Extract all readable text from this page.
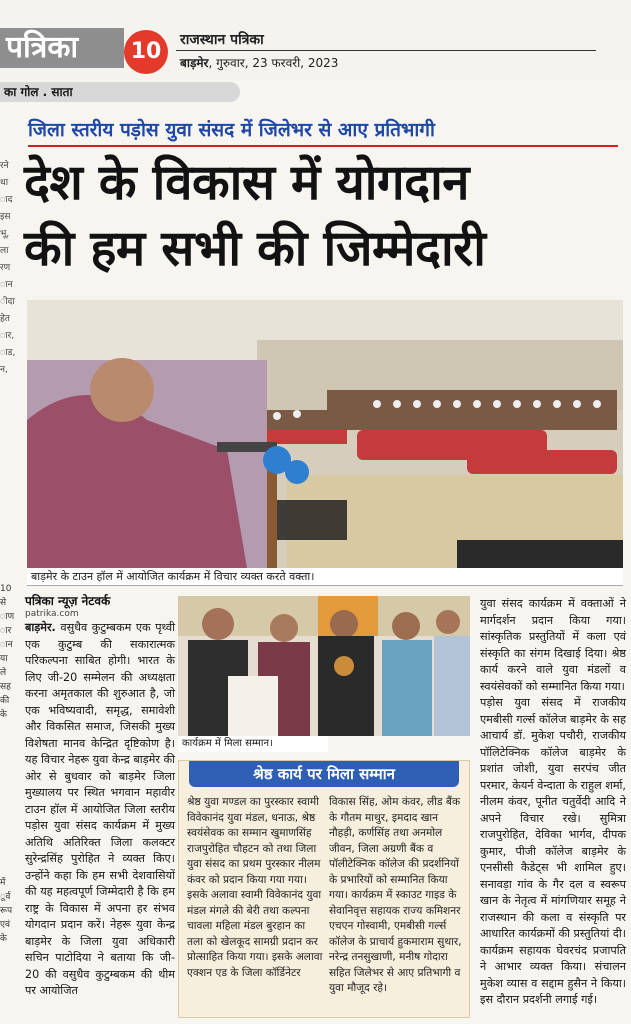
पत्रिका	10	राजस्थान पत्रिका
बाड़मेर, गुरुवार, 23 फरवरी, 2023
का गोल . साता
रने
था
ाद
इस
भू,
ला
रण
ान
ीदा
हेत
ार,
ाड,
न,
जिला स्तरीय पड़ोस युवा संसद में जिलेभर से आए प्रतिभागी
देश के विकास में योगदान
की हम सभी की जिम्मेदारी
बाड़मेर के टाउन हॉल में आयोजित कार्यक्रम में विचार व्यक्त करते वक्ता।
10
से
ाण
ार
ान
या
ले
सह
की
के

में
ूर्व
रूप
एवं
के
पत्रिका न्यूज़ नेटवर्क
patrika.com
बाड़मेर. वसुधैव कुटुम्बकम एक पृथ्वी एक कुटुम्ब की सकारात्मक परिकल्पना साबित होगी। भारत के लिए जी-20 सम्मेलन की अध्यक्षता करना अमृतकाल की शुरुआत है, जो एक भविष्यवादी, समृद्ध, समावेशी और विकसित समाज, जिसकी मुख्य विशेषता मानव केन्द्रित दृष्टिकोण है। यह विचार नेहरू युवा केन्द्र बाड़मेर की ओर से बुधवार को बाड़मेर जिला मुख्यालय पर स्थित भगवान महावीर टाउन हॉल में आयोजित जिला स्तरीय पड़ोस युवा संसद कार्यक्रम में मुख्य अतिथि अतिरिक्त जिला कलक्टर सुरेन्द्रसिंह पुरोहित ने व्यक्त किए। उन्होंने कहा कि हम सभी देशवासियों की यह महत्वपूर्ण जिम्मेदारी है कि हम राष्ट्र के विकास में अपना हर संभव योगदान प्रदान करें। नेहरू युवा केन्द्र बाड़मेर के जिला युवा अधिकारी सचिन पाटोदिया ने बताया कि जी- 20 की वसुधैव कुटुम्बकम की थीम पर आयोजित
कार्यक्रम में मिला सम्मान।
श्रेष्ठ कार्य पर मिला सम्मान
श्रेष्ठ युवा मण्डल का पुरस्कार स्वामी विवेकानंद युवा मंडल, धनाऊ, श्रेष्ठ स्वयंसेवक का सम्मान खुमाणसिंह राजपुरोहित चौहटन को तथा जिला युवा संसद का प्रथम पुरस्कार नीलम कंवर को प्रदान किया गया गया। इसके अलावा स्वामी विवेकानंद युवा मंडल मंगले की बेरी तथा कल्पना चावला महिला मंडल बुरहान का तला को खेलकूद सामग्री प्रदान कर प्रोत्साहित किया गया। इसके अलावा एक्शन एड के जिला कॉर्डिनेटर
विकास सिंह, ओम कंवर, लीड बैंक के गौतम माथुर, इमदाद खान नौहड़ी, कर्णसिंह तथा अनमोल जीवन, जिला अग्रणी बैंक व पॉलीटेक्निक कॉलेज की प्रदर्शनियों के प्रभारियों को सम्मानित किया गया। कार्यक्रम में स्काउट गाइड के सेवानिवृत्त सहायक राज्य कमिशनर एचएन गोस्वामी, एमबीसी गर्ल्स कॉलेज के प्राचार्य हुकमाराम सुथार, नरेन्द्र तनसुखाणी, मनीष गोदारा सहित जिलेभर से आए प्रतिभागी व युवा मौजूद रहे।
युवा संसद कार्यक्रम में वक्ताओं ने मार्गदर्शन प्रदान किया गया। सांस्कृतिक प्रस्तुतियों में कला एवं संस्कृति का संगम दिखाई दिया। श्रेष्ठ कार्य करने वाले युवा मंडलों व स्वयंसेवकों को सम्मानित किया गया।
पड़ोस युवा संसद में राजकीय एमबीसी गर्ल्स कॉलेज बाड़मेर के सह आचार्य डॉ. मुकेश पचौरी, राजकीय पॉलिटेक्निक कॉलेज बाड़मेर के प्रशांत जोशी, युवा सरपंच जीत परमार, केयर्न वेन्दाता के राहुल शर्मा, नीलम कंवर, पूनीत चतुर्वेदी आदि ने अपने विचार रखे। सुमित्रा राजपुरोहित, देविका भार्गव, दीपक कुमार, पीजी कॉलेज बाड़मेर के एनसीसी कैडेट्स भी शामिल हुए। सनावड़ा गांव के गैर दल व स्वरूप खान के नेतृत्व में मांगणियार समूह ने राजस्थान की कला व संस्कृति पर आधारित कार्यक्रमों की प्रस्तुतियां दी। कार्यक्रम सहायक घेवरचंद प्रजापति ने आभार व्यक्त किया। संचालन मुकेश व्यास व सद्दाम हुसैन ने किया। इस दौरान प्रदर्शनी लगाई गई।
